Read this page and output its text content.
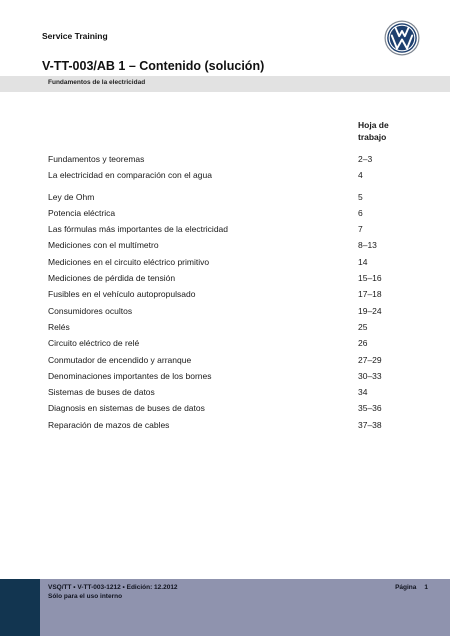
Service Training
V-TT-003/AB 1 – Contenido (solución)
Fundamentos de la electricidad
Hoja de
trabajo
Fundamentos y teoremas	2–3
La electricidad en comparación con el agua	4
Ley de Ohm	5
Potencia eléctrica	6
Las fórmulas más importantes de la electricidad	7
Mediciones con el multímetro	8–13
Mediciones en el circuito eléctrico primitivo	14
Mediciones de pérdida de tensión	15–16
Fusibles en el vehículo autopropulsado	17–18
Consumidores ocultos	19–24
Relés	25
Circuito eléctrico de relé	26
Conmutador de encendido y arranque	27–29
Denominaciones importantes de los bornes	30–33
Sistemas de buses de datos	34
Diagnosis en sistemas de buses de datos	35–36
Reparación de mazos de cables	37–38
VSQ/TT • V-TT-003-1212 • Edición: 12.2012
Sólo para el uso interno
Página 1
